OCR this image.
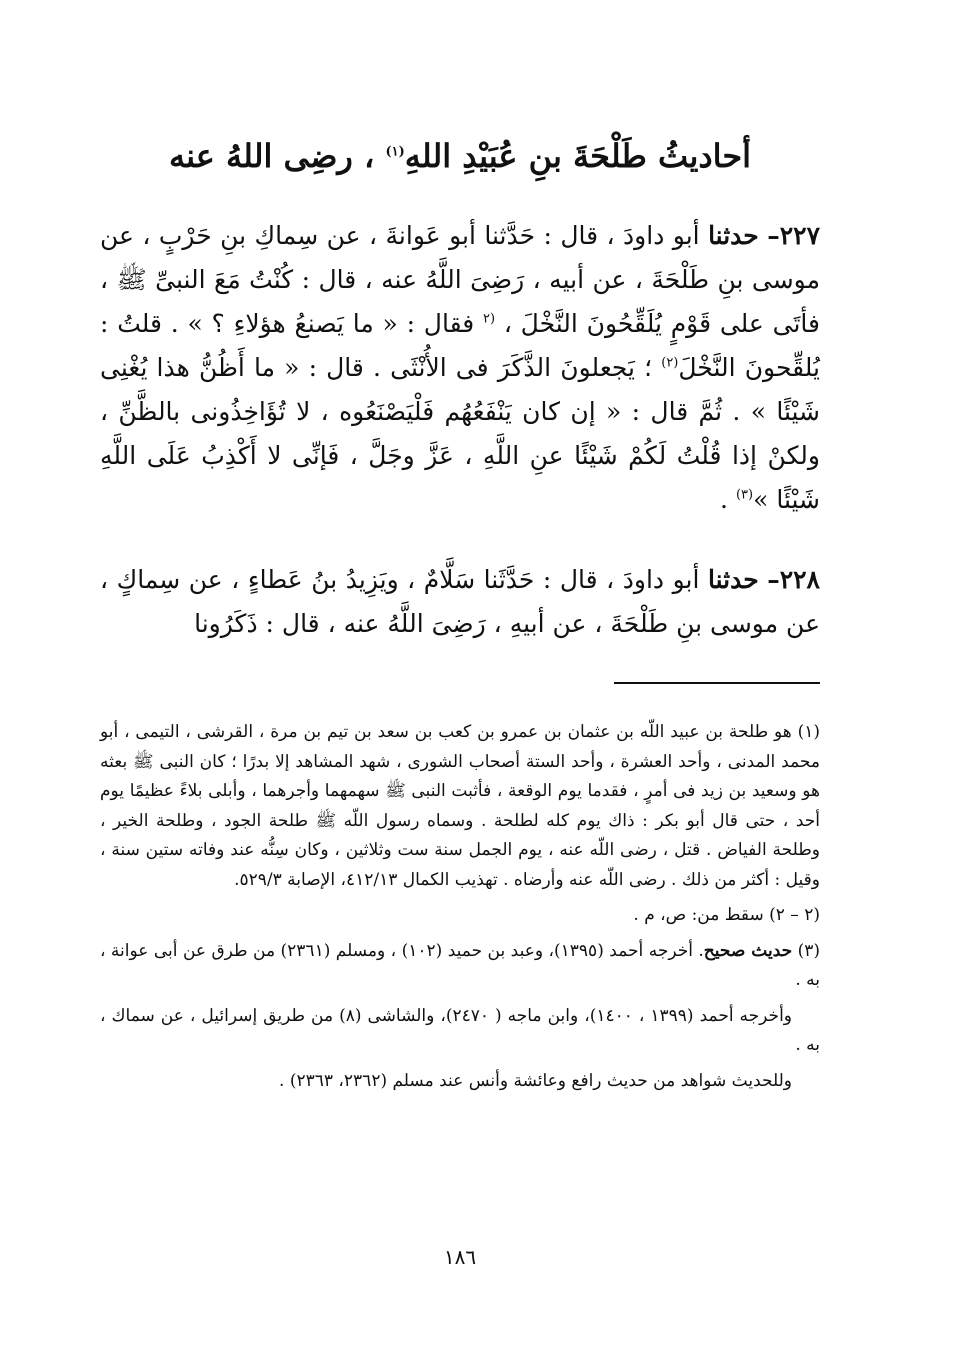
أحاديثُ طَلْحَةَ بنِ عُبَيْدِ اللهِ$^{(١)}$ ، رضِى اللهُ عنه

٢٢٧– حدثنا أبو داودَ ، قال : حَدَّثنا أبو عَوانةَ ، عن سِماكِ بنِ حَرْبٍ ، عن موسى بنِ طَلْحَةَ ، عن أبيه ، رَضِىَ اللَّهُ عنه ، قال : كُنْتُ مَعَ النبىِّ ﷺ ، فأتَى على قَوْمٍ يُلَقِّحُونَ النَّخْلَ ، $^{(٢}$ فقال : « ما يَصنعُ هؤلاءِ ؟ » . قلتُ : يُلقِّحونَ النَّخْلَ$^{(٢)}$ ؛ يَجعلونَ الذَّكَرَ فى الأُنْثَى . قال : « ما أَظُنُّ هذا يُغْنِى شَيْئًا » . ثُمَّ قال : « إن كان يَنْفَعُهُم فَلْيَصْنَعُوه ، لا تُؤَاخِذُونى بالظَّنِّ ، ولكنْ إذا قُلْتُ لَكُمْ شَيْئًا عنِ اللَّهِ ، عَزَّ وجَلَّ ، فَإنِّى لا أَكْذِبُ عَلَى اللَّهِ شَيْئًا »$^{(٣)}$ .

٢٢٨– حدثنا أبو داودَ ، قال : حَدَّثَنا سَلَّامٌ ، ويَزِيدُ بنُ عَطاءٍ ، عن سِماكٍ ، عن موسى بنِ طَلْحَةَ ، عن أبيهِ ، رَضِىَ اللَّهُ عنه ، قال : ذَكَرُونا

(١) هو طلحة بن عبيد اللّه بن عثمان بن عمرو بن كعب بن سعد بن تيم بن مرة ، القرشى ، التيمى ، أبو محمد المدنى ، وأحد العشرة ، وأحد الستة أصحاب الشورى ، شهد المشاهد إلا بدرًا ؛ كان النبى ﷺ بعثه هو وسعيد بن زيد فى أمرٍ ، فقدما يوم الوقعة ، فأثبت النبى ﷺ سهمهما وأجرهما ، وأبلى بلاءً عظيمًا يوم أحد ، حتى قال أبو بكر : ذاك يوم كله لطلحة . وسماه رسول اللّه ﷺ طلحة الجود ، وطلحة الخير ، وطلحة الفياض . قتل ، رضى اللّه عنه ، يوم الجمل سنة ست وثلاثين ، وكان سِنُّه عند وفاته ستين سنة ، وقيل : أكثر من ذلك . رضى اللّه عنه وأرضاه . تهذيب الكمال ٤١٢/١٣، الإصابة ٥٢٩/٣.

(٢ – ٢) سقط من: ص، م .

(٣) حديث صحيح. أخرجه أحمد (١٣٩٥)، وعبد بن حميد (١٠٢) ، ومسلم (٢٣٦١) من طرق عن أبى عوانة ، به .

وأخرجه أحمد (١٣٩٩ ، ١٤٠٠)، وابن ماجه ( ٢٤٧٠)، والشاشى (٨) من طريق إسرائيل ، عن سماك ، به .

وللحديث شواهد من حديث رافع وعائشة وأنس عند مسلم (٢٣٦٢، ٢٣٦٣) .

١٨٦
